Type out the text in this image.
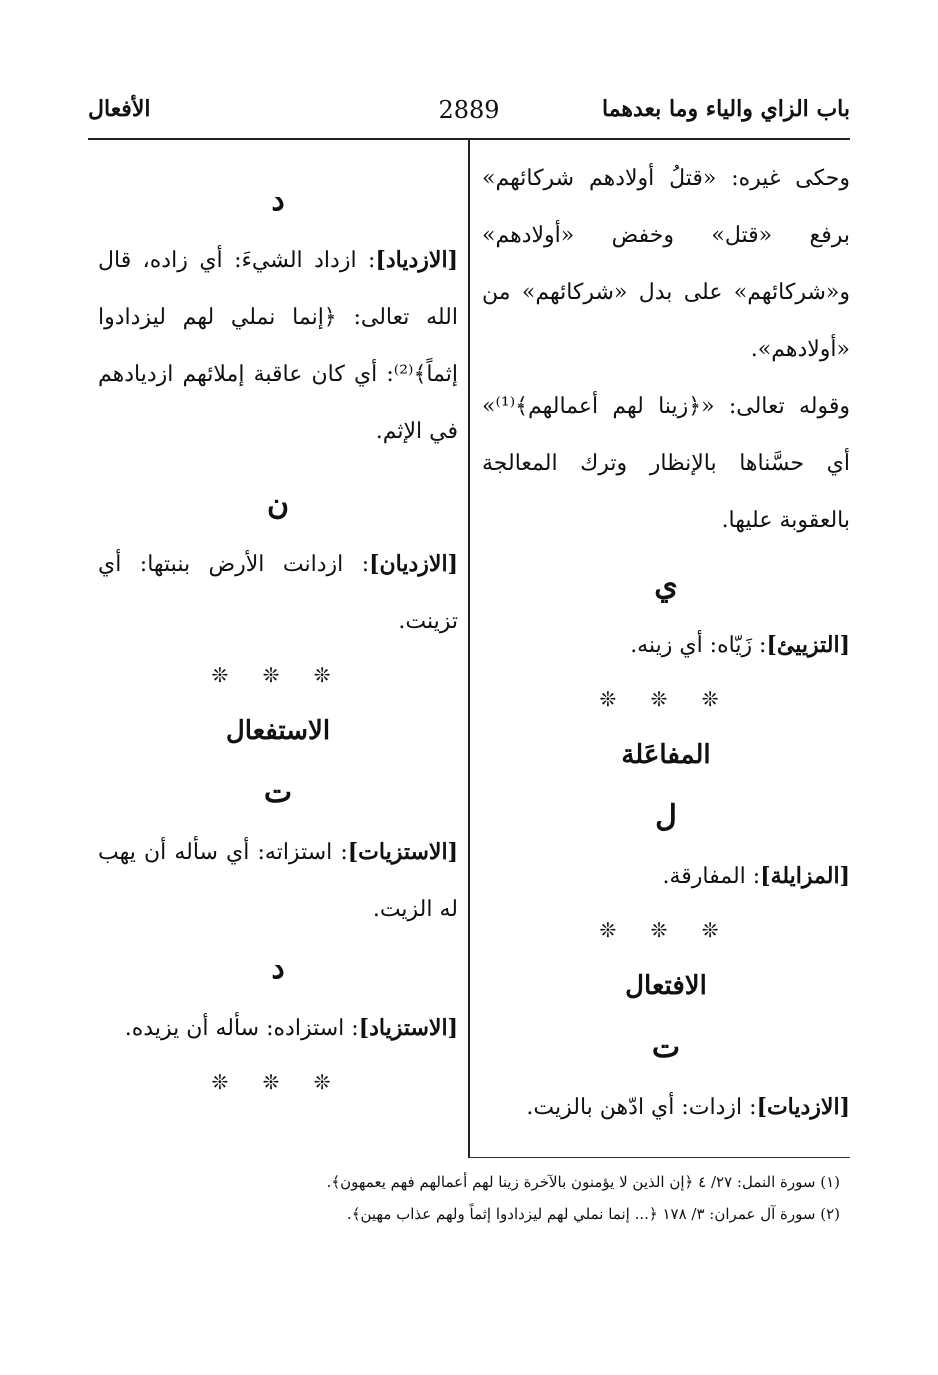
باب الزاي والياء وما بعدهما
2889
الأفعال

وحكى غيره: «قتلُ أولادهم شركائهم» برفع «قتل» وخفض «أولادهم» و«شركائهم» على بدل «شركائهم» من «أولادهم».

وقوله تعالى: «﴿زينا لهم أعمالهم﴾⁽¹⁾» أي حسَّناها بالإنظار وترك المعالجة بالعقوبة عليها.

ي

[التزييئ]: زَيّاه: أي زينه.

❊ ❊ ❊
المفاعَلة
ل

[المزايلة]: المفارقة.

❊ ❊ ❊
الافتعال
ت

[الازديات]: ازدات: أي ادّهن بالزيت.

د

[الازدياد]: ازداد الشيءَ: أي زاده، قال الله تعالى: ﴿إنما نملي لهم ليزدادوا إثماً﴾⁽²⁾: أي كان عاقبة إملائهم ازديادهم في الإثم.

ن

[الازديان]: ازدانت الأرض بنبتها: أي تزينت.

❊ ❊ ❊
الاستفعال
ت

[الاستزيات]: استزاته: أي سأله أن يهب له الزيت.

د

[الاستزياد]: استزاده: سأله أن يزيده.

❊ ❊ ❊

(١) سورة النمل: ٢٧/ ٤ ﴿إن الذين لا يؤمنون بالآخرة زينا لهم أعمالهم فهم يعمهون﴾.

(٢) سورة آل عمران: ٣/ ١٧٨ ﴿... إنما نملي لهم ليزدادوا إثماً ولهم عذاب مهين﴾.
